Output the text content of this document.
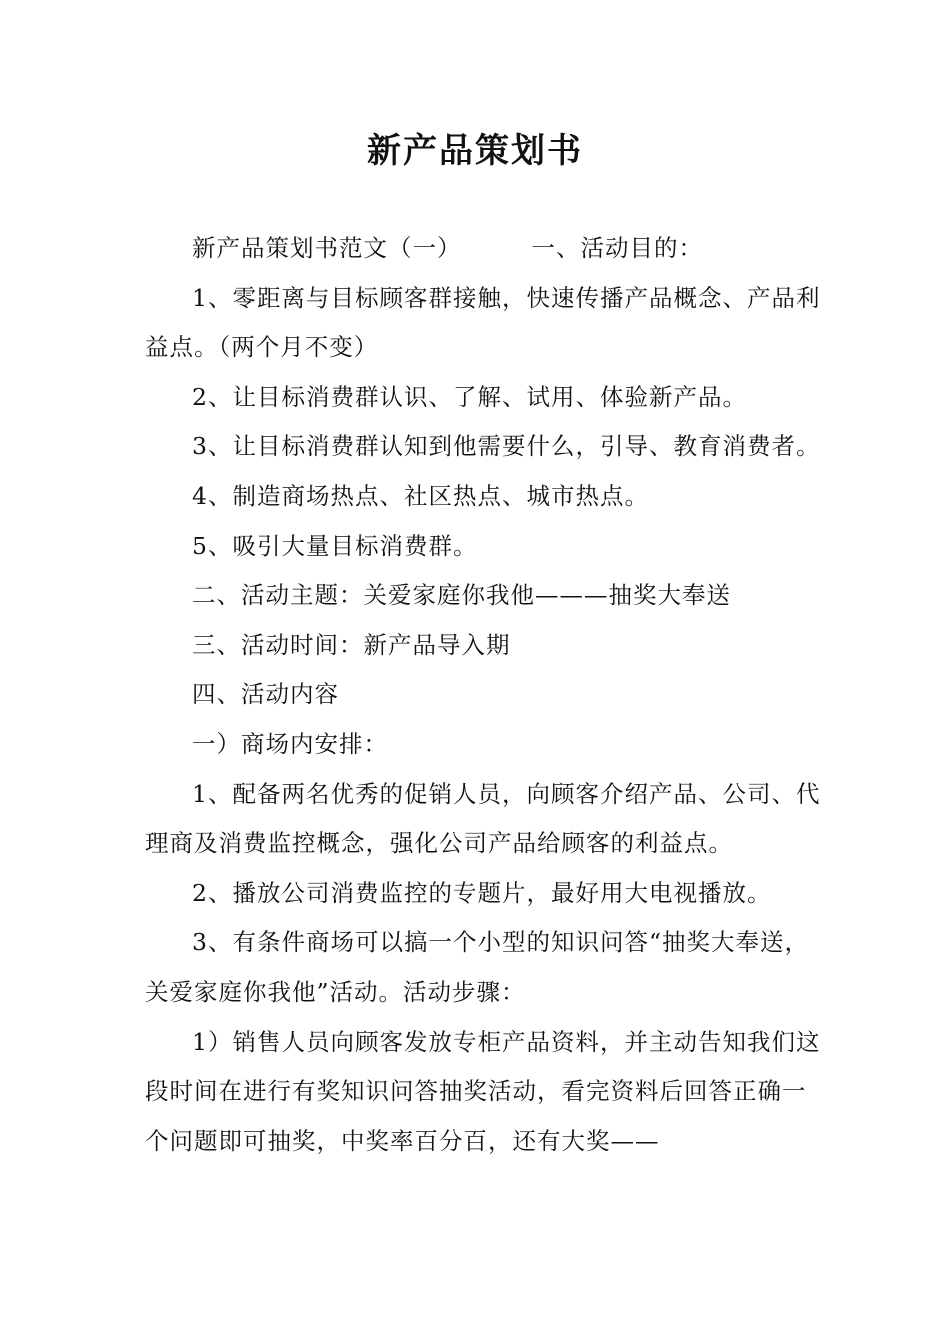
新产品策划书

新产品策划书范文（一）	一、活动目的：

1、零距离与目标顾客群接触，快速传播产品概念、产品利益点。（两个月不变）

2、让目标消费群认识、了解、试用、体验新产品。

3、让目标消费群认知到他需要什么，引导、教育消费者。

4、制造商场热点、社区热点、城市热点。

5、吸引大量目标消费群。

二、活动主题：关爱家庭你我他———抽奖大奉送

三、活动时间：新产品导入期

四、活动内容

一）商场内安排：

1、配备两名优秀的促销人员，向顾客介绍产品、公司、代理商及消费监控概念，强化公司产品给顾客的利益点。

2、播放公司消费监控的专题片，最好用大电视播放。

3、有条件商场可以搞一个小型的知识问答“抽奖大奉送，关爱家庭你我他”活动。活动步骤：

1）销售人员向顾客发放专柜产品资料，并主动告知我们这段时间在进行有奖知识问答抽奖活动，看完资料后回答正确一个问题即可抽奖，中奖率百分百，还有大奖——
